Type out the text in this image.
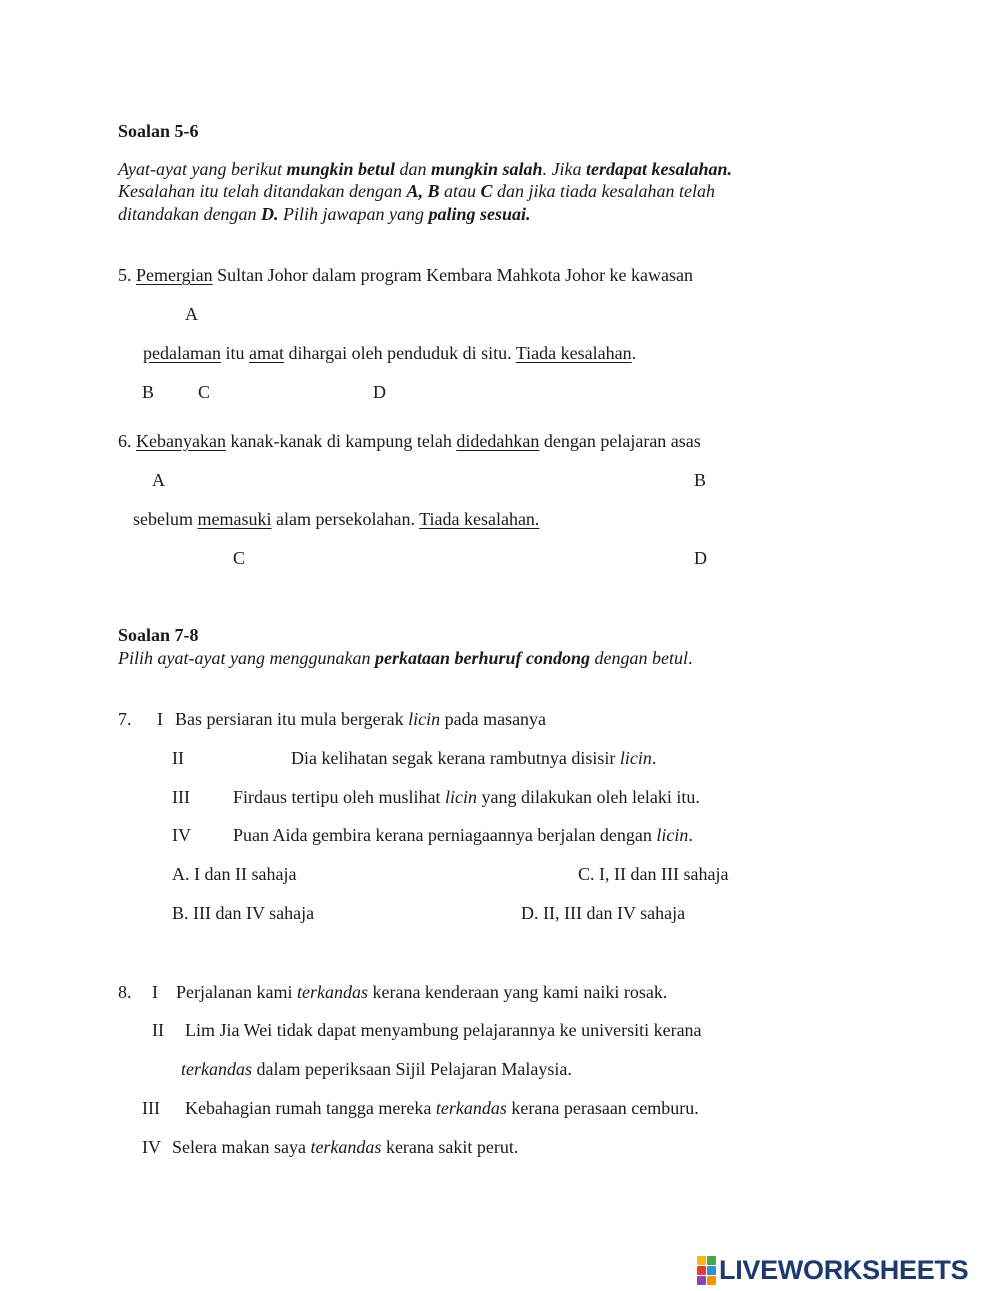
Soalan 5-6
Ayat-ayat yang berikut mungkin betul dan mungkin salah. Jika terdapat kesalahan.
Kesalahan itu telah ditandakan dengan A, B atau C dan jika tiada kesalahan telah
ditandakan dengan D. Pilih jawapan yang paling sesuai.
5. Pemergian Sultan Johor dalam program Kembara Mahkota Johor ke kawasan
A
pedalaman itu amat dihargai oleh penduduk di situ. Tiada kesalahan.
B C	D
6. Kebanyakan kanak-kanak di kampung telah didedahkan dengan pelajaran asas
A	B
sebelum memasuki alam persekolahan. Tiada kesalahan.
C	D
Soalan 7-8
Pilih ayat-ayat yang menggunakan perkataan berhuruf condong dengan betul.
7. I Bas persiaran itu mula bergerak licin pada masanya
II	Dia kelihatan segak kerana rambutnya disisir licin.
III Firdaus tertipu oleh muslihat licin yang dilakukan oleh lelaki itu.
IV Puan Aida gembira kerana perniagaannya berjalan dengan licin.
A. I dan II sahaja	C. I, II dan III sahaja
B. III dan IV sahaja	D. II, III dan IV sahaja
8. I Perjalanan kami terkandas kerana kenderaan yang kami naiki rosak.
II Lim Jia Wei tidak dapat menyambung pelajarannya ke universiti kerana
terkandas dalam peperiksaan Sijil Pelajaran Malaysia.
III Kebahagian rumah tangga mereka terkandas kerana perasaan cemburu.
IV Selera makan saya terkandas kerana sakit perut.
LIVEWORKSHEETS
